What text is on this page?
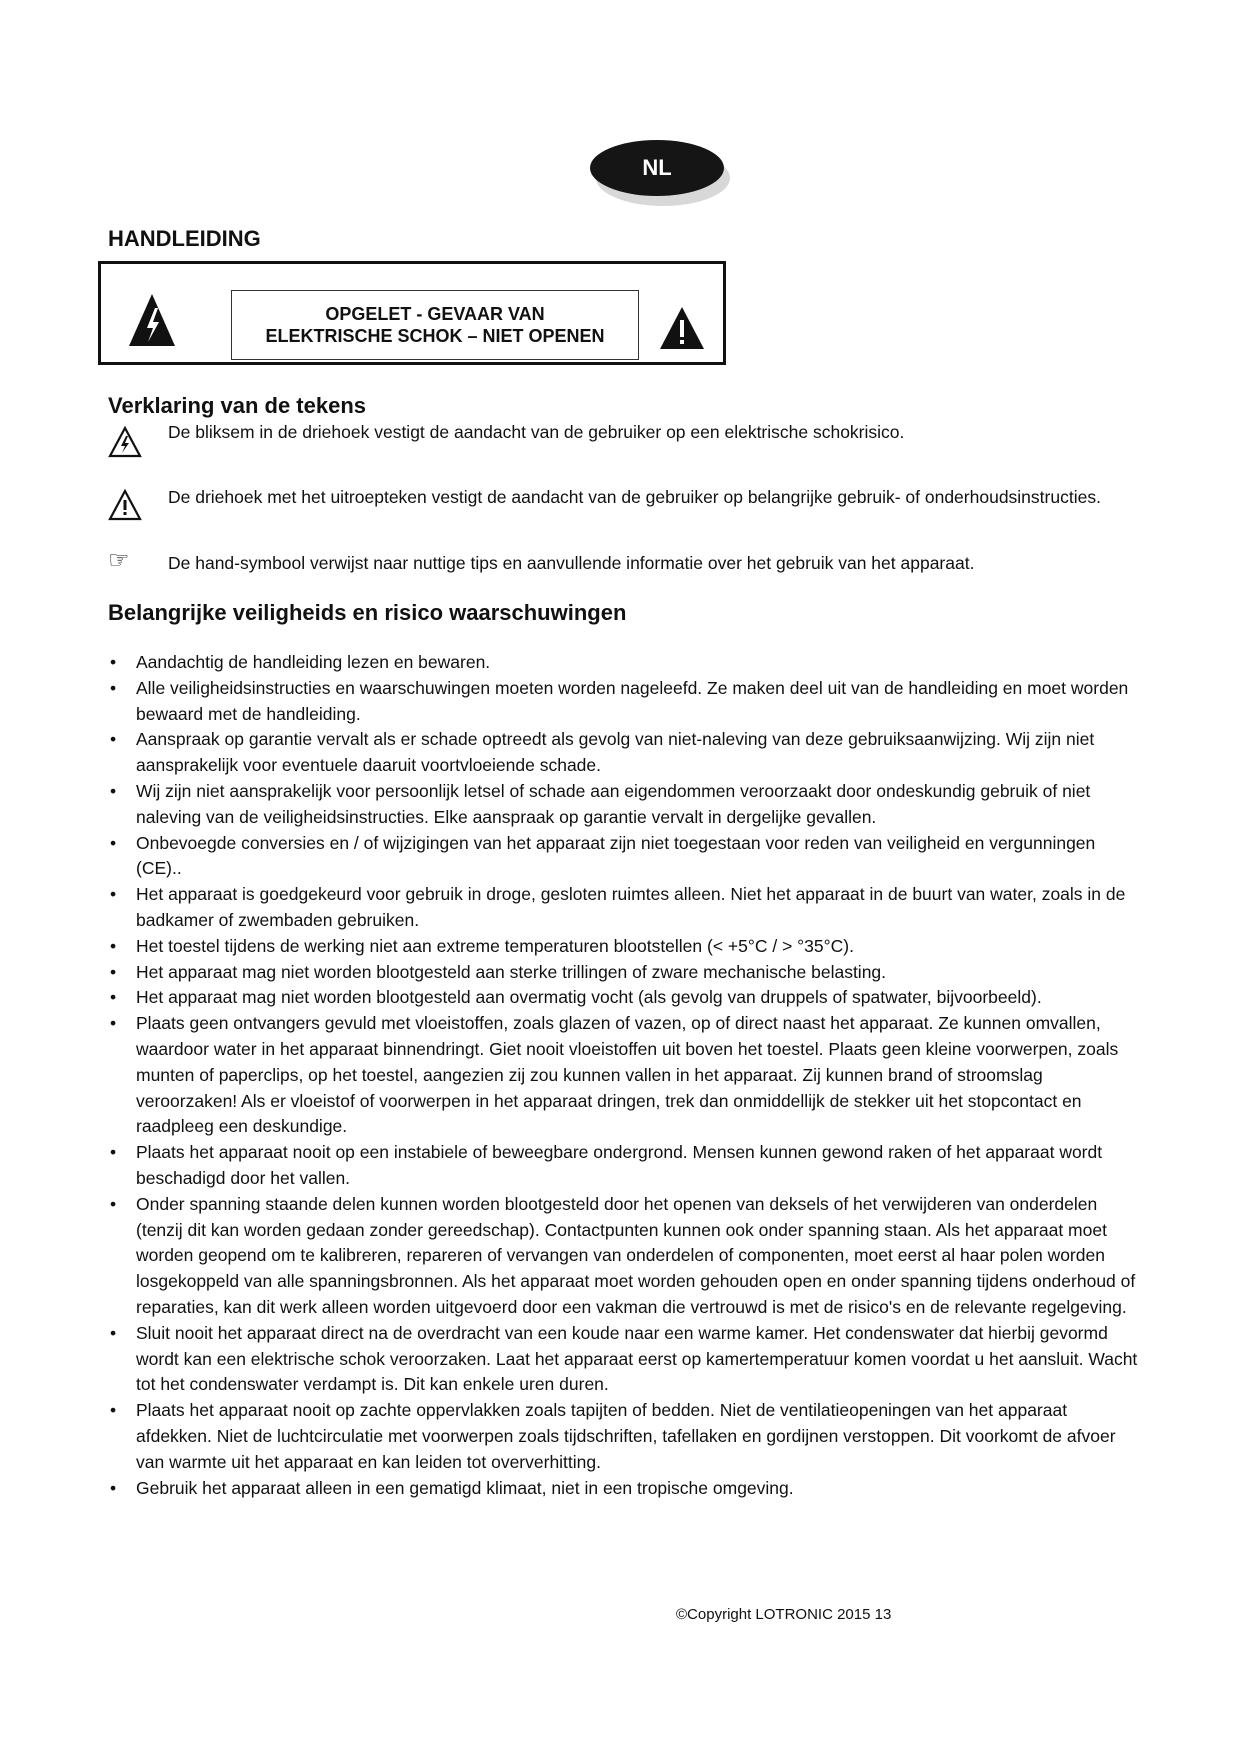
NL
HANDLEIDING
OPGELET - GEVAAR VAN
ELEKTRISCHE SCHOK – NIET OPENEN
Verklaring van de tekens
De bliksem in de driehoek vestigt de aandacht van de gebruiker op een elektrische schokrisico.
De driehoek met het uitroepteken vestigt de aandacht van de gebruiker op belangrijke gebruik- of onderhoudsinstructies.
☞ De hand-symbool verwijst naar nuttige tips en aanvullende informatie over het gebruik van het apparaat.
Belangrijke veiligheids en risico waarschuwingen
• Aandachtig de handleiding lezen en bewaren.
• Alle veiligheidsinstructies en waarschuwingen moeten worden nageleefd. Ze maken deel uit van de handleiding en moet worden bewaard met de handleiding.
• Aanspraak op garantie vervalt als er schade optreedt als gevolg van niet-naleving van deze gebruiksaanwijzing. Wij zijn niet aansprakelijk voor eventuele daaruit voortvloeiende schade.
• Wij zijn niet aansprakelijk voor persoonlijk letsel of schade aan eigendommen veroorzaakt door ondeskundig gebruik of niet naleving van de veiligheidsinstructies. Elke aanspraak op garantie vervalt in dergelijke gevallen.
• Onbevoegde conversies en / of wijzigingen van het apparaat zijn niet toegestaan voor reden van veiligheid en vergunningen (CE)..
• Het apparaat is goedgekeurd voor gebruik in droge, gesloten ruimtes alleen. Niet het apparaat in de buurt van water, zoals in de badkamer of zwembaden gebruiken.
• Het toestel tijdens de werking niet aan extreme temperaturen blootstellen (< +5°C / > °35°C).
• Het apparaat mag niet worden blootgesteld aan sterke trillingen of zware mechanische belasting.
• Het apparaat mag niet worden blootgesteld aan overmatig vocht (als gevolg van druppels of spatwater, bijvoorbeeld).
• Plaats geen ontvangers gevuld met vloeistoffen, zoals glazen of vazen, op of direct naast het apparaat. Ze kunnen omvallen, waardoor water in het apparaat binnendringt. Giet nooit vloeistoffen uit boven het toestel. Plaats geen kleine voorwerpen, zoals munten of paperclips, op het toestel, aangezien zij zou kunnen vallen in het apparaat. Zij kunnen brand of stroomslag veroorzaken! Als er vloeistof of voorwerpen in het apparaat dringen, trek dan onmiddellijk de stekker uit het stopcontact en raadpleeg een deskundige.
• Plaats het apparaat nooit op een instabiele of beweegbare ondergrond. Mensen kunnen gewond raken of het apparaat wordt beschadigd door het vallen.
• Onder spanning staande delen kunnen worden blootgesteld door het openen van deksels of het verwijderen van onderdelen (tenzij dit kan worden gedaan zonder gereedschap). Contactpunten kunnen ook onder spanning staan. Als het apparaat moet worden geopend om te kalibreren, repareren of vervangen van onderdelen of componenten, moet eerst al haar polen worden losgekoppeld van alle spanningsbronnen. Als het apparaat moet worden gehouden open en onder spanning tijdens onderhoud of reparaties, kan dit werk alleen worden uitgevoerd door een vakman die vertrouwd is met de risico's en de relevante regelgeving.
• Sluit nooit het apparaat direct na de overdracht van een koude naar een warme kamer. Het condenswater dat hierbij gevormd wordt kan een elektrische schok veroorzaken. Laat het apparaat eerst op kamertemperatuur komen voordat u het aansluit. Wacht tot het condenswater verdampt is. Dit kan enkele uren duren.
• Plaats het apparaat nooit op zachte oppervlakken zoals tapijten of bedden. Niet de ventilatieopeningen van het apparaat afdekken. Niet de luchtcirculatie met voorwerpen zoals tijdschriften, tafellaken en gordijnen verstoppen. Dit voorkomt de afvoer van warmte uit het apparaat en kan leiden tot oververhitting.
• Gebruik het apparaat alleen in een gematigd klimaat, niet in een tropische omgeving.
©Copyright LOTRONIC 2015 13
